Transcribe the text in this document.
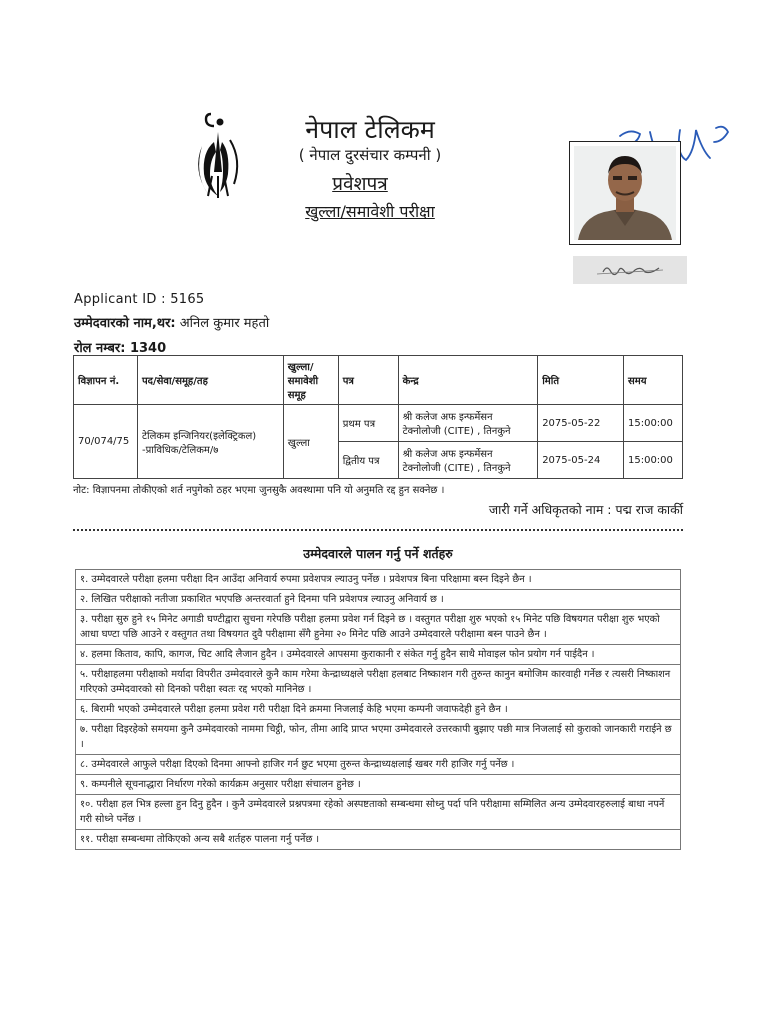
नेपाल टेलिकम
( नेपाल दुरसंचार कम्पनी )
प्रवेशपत्र
खुल्ला/समावेशी परीक्षा
Applicant ID : 5165
उम्मेदवारको नाम,थर: अनिल कुमार महतो
रोल नम्बर: 1340
विज्ञापन नं.	पद/सेवा/समूह/तह	खुल्ला/ समावेशी समूह	पत्र	केन्द्र	मिति	समय
70/074/75	टेलिकम इन्जिनियर(इलेक्ट्रिकल) -प्राविधिक/टेलिकम/७	खुल्ला	प्रथम पत्र	श्री कलेज अफ इन्फर्मेसन टेक्नोलोजी (CITE) , तिनकुने	2075-05-22	15:00:00
			द्वितीय पत्र	श्री कलेज अफ इन्फर्मेसन टेक्नोलोजी (CITE) , तिनकुने	2075-05-24	15:00:00
नोट: विज्ञापनमा तोकीएको शर्त नपुगेको ठहर भएमा जुनसुकै अवस्थामा पनि यो अनुमति रद्द हुन सक्नेछ ।
जारी गर्ने अधिकृतको नाम : पद्म राज कार्की
उम्मेदवारले पालन गर्नु पर्ने शर्तहरु
१. उम्मेदवारले परीक्षा हलमा परीक्षा दिन आउँदा अनिवार्य रुपमा प्रवेशपत्र ल्याउनु पर्नेछ । प्रवेशपत्र बिना परिक्षामा बस्न दिइने छैन ।
२. लिखित परीक्षाको नतीजा प्रकाशित भएपछि अन्तरवार्ता हुने दिनमा पनि प्रवेशपत्र ल्याउनु अनिवार्य छ ।
३. परीक्षा सुरु हुने १५ मिनेट अगाडी घण्टीद्वारा सुचना गरेपछि परीक्षा हलमा प्रवेश गर्न दिइने छ । वस्तुगत परीक्षा शुरु भएको १५ मिनेट पछि विषयगत परीक्षा शुरु भएको आधा घण्टा पछि आउने र वस्तुगत तथा विषयगत दुवै परीक्षामा सँगै हुनेमा २० मिनेट पछि आउने उम्मेदवारले परीक्षामा बस्न पाउने छैन ।
४. हलमा किताव, कापि, कागज, चिट आदि लैजान हुदैन । उम्मेदवारले आपसमा कुराकानी र संकेत गर्नु हुदैन साथै मोवाइल फोन प्रयोग गर्न पाईदैन ।
५. परीक्षाहलमा परीक्षाको मर्यादा विपरीत उम्मेदवारले कुनै काम गरेमा केन्द्राध्यक्षले परीक्षा हलबाट निष्काशन गरी तुरुन्त कानुन बमोजिम कारवाही गर्नेछ र त्यसरी निष्काशन गरिएको उम्मेदवारको सो दिनको परीक्षा स्वतः रद्द भएको मानिनेछ ।
६. बिरामी भएको उम्मेदवारले परीक्षा हलमा प्रवेश गरी परीक्षा दिने क्रममा निजलाई केहि भएमा कम्पनी जवाफदेही हुने छैन ।
७. परीक्षा दिइरहेको समयमा कुनै उम्मेदवारको नाममा चिट्ठी, फोन, तीमा आदि प्राप्त भएमा उम्मेदवारले उत्तरकापी बुझाए पछी मात्र निजलाई सो कुराको जानकारी गराईने छ ।
८. उम्मेदवारले आफुले परीक्षा दिएको दिनमा आफ्नो हाजिर गर्न छुट भएमा तुरुन्त केन्द्राध्यक्षलाई खबर गरी हाजिर गर्नु पर्नेछ ।
९. कम्पनीले सूचनाद्धारा निर्धारण गरेको कार्यक्रम अनुसार परीक्षा संचालन हुनेछ ।
१०. परीक्षा हल भित्र हल्ला हुन दिनु हुदैन । कुनै उम्मेदवारले प्रश्नपत्रमा रहेको अस्पष्टताको सम्बन्धमा सोध्नु पर्दा पनि परीक्षामा सम्मिलित अन्य उम्मेदवारहरुलाई बाधा नपर्ने गरी सोध्ने पर्नेछ ।
११. परीक्षा सम्बन्धमा तोकिएको अन्य सबै शर्तहरु पालना गर्नु पर्नेछ ।
